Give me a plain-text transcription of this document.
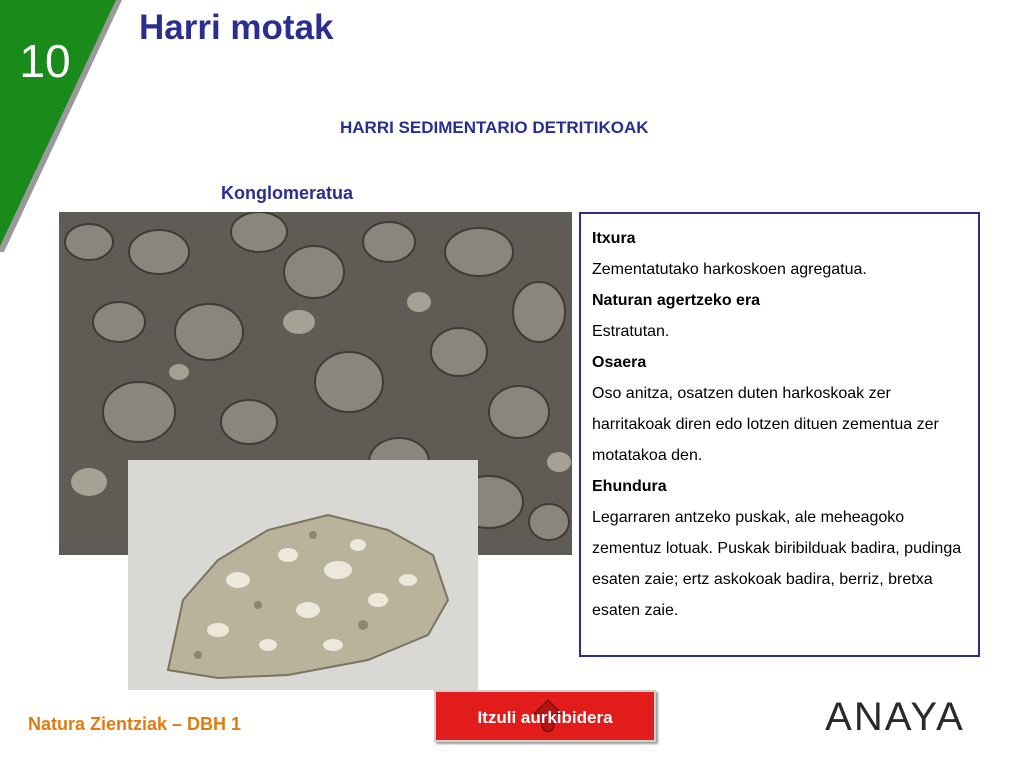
10
Harri motak
HARRI SEDIMENTARIO DETRITIKOAK
Konglomeratua
Itxura
Zementatutako harkoskoen agregatua.
Naturan agertzeko era
Estratutan.
Osaera
Oso anitza, osatzen duten harkoskoak zer harritakoak diren edo lotzen dituen zementua zer motatakoa den.
Ehundura
Legarraren antzeko puskak, ale meheagoko zementuz lotuak. Puskak biribilduak badira, pudinga esaten zaie; ertz askokoak badira, berriz, bretxa esaten zaie.
Natura Zientziak – DBH 1	Itzuli aurkibidera	ANAYA
